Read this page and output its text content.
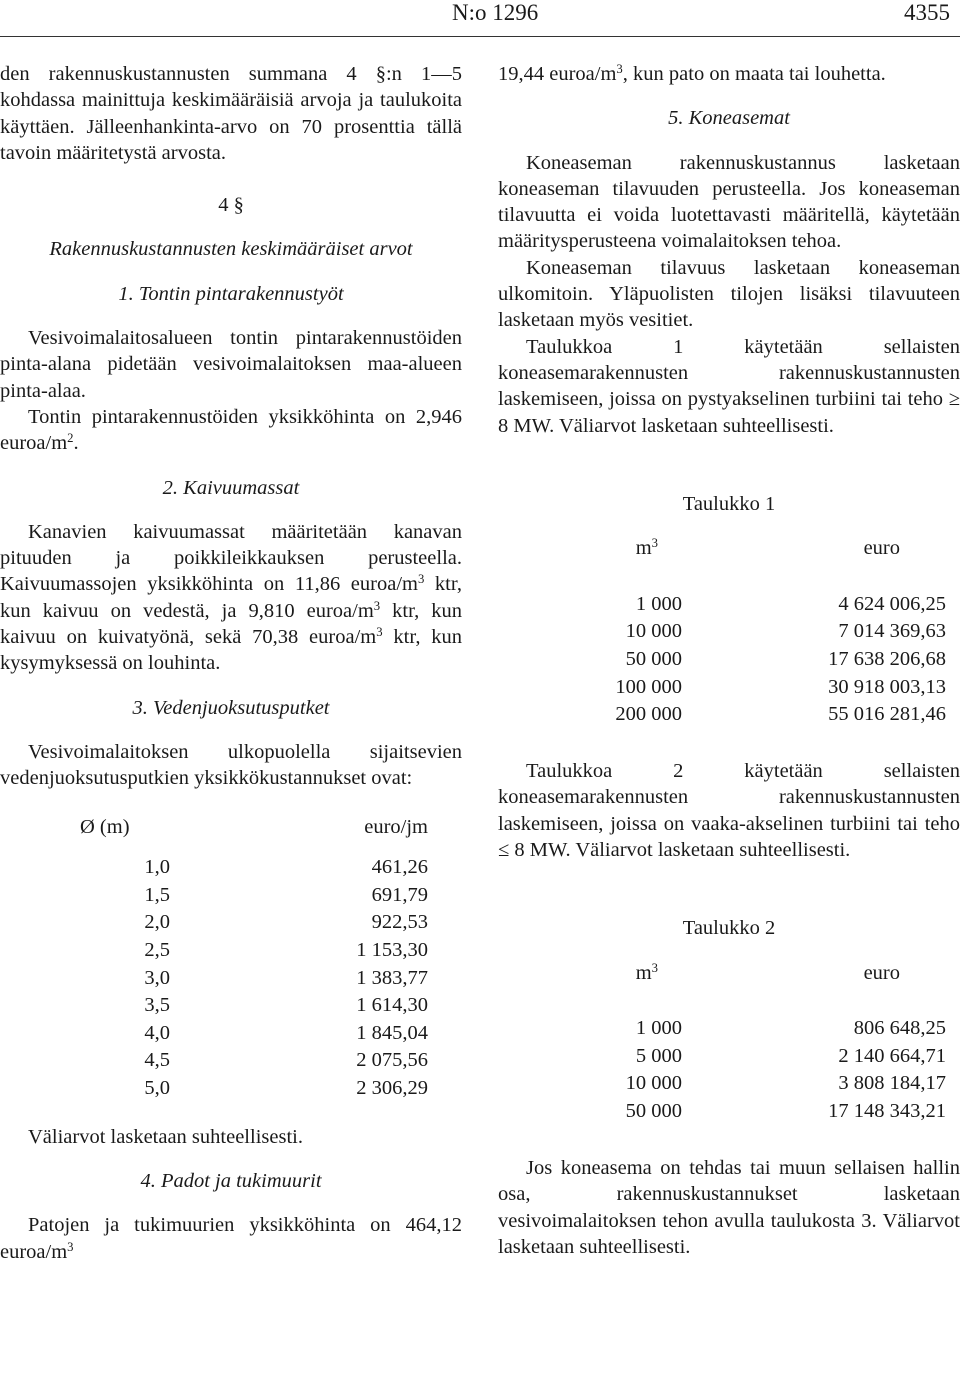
N:o 1296	4355

den rakennuskustannusten summana 4 §:n 1—5 kohdassa mainittuja keskimääräisiä arvoja ja taulukoita käyttäen. Jälleenhankinta-arvo on 70 prosenttia tällä tavoin määritetystä arvosta.

4 §
Rakennuskustannusten keskimääräiset arvot
1. Tontin pintarakennustyöt

Vesivoimalaitosalueen tontin pintarakennustöiden pinta-alana pidetään vesivoimalaitoksen maa-alueen pinta-alaa.

Tontin pintarakennustöiden yksikköhinta on 2,946 euroa/$m^2$.

2. Kaivuumassat

Kanavien kaivuumassat määritetään kanavan pituuden ja poikkileikkauksen perusteella. Kaivuumassojen yksikköhinta on 11,86 euroa/$m^3$ ktr, kun kaivuu on vedestä, ja 9,810 euroa/$m^3$ ktr, kun kaivuu on kuivatyönä, sekä 70,38 euroa/$m^3$ ktr, kun kysymyksessä on louhinta.

3. Vedenjuoksutusputket

Vesivoimalaitoksen ulkopuolella sijaitsevien vedenjuoksutusputkien yksikkökustannukset ovat:

Ø (m)	euro/jm
1,0	461,26
1,5	691,79
2,0	922,53
2,5	1 153,30
3,0	1 383,77
3,5	1 614,30
4,0	1 845,04
4,5	2 075,56
5,0	2 306,29

Väliarvot lasketaan suhteellisesti.

4. Padot ja tukimuurit

Patojen ja tukimuurien yksikköhinta on 464,12 euroa/$m^3$

19,44 euroa/$m^3$, kun pato on maata tai louhetta.

5. Koneasemat

Koneaseman rakennuskustannus lasketaan koneaseman tilavuuden perusteella. Jos koneaseman tilavuutta ei voida luotettavasti määritellä, käytetään määritysperusteena voimalaitoksen tehoa.

Koneaseman tilavuus lasketaan koneaseman ulkomitoin. Yläpuolisten tilojen lisäksi tilavuuteen lasketaan myös vesitiet.

Taulukkoa 1 käytetään sellaisten koneasemarakennusten rakennuskustannusten laskemiseen, joissa on pystyakselinen turbiini tai teho ≥ 8 MW. Väliarvot lasketaan suhteellisesti.

Taulukko 1
$m^3$	euro
1 000	4 624 006,25
10 000	7 014 369,63
50 000	17 638 206,68
100 000	30 918 003,13
200 000	55 016 281,46

Taulukkoa 2 käytetään sellaisten koneasemarakennusten rakennuskustannusten laskemiseen, joissa on vaaka-akselinen turbiini tai teho ≤ 8 MW. Väliarvot lasketaan suhteellisesti.

Taulukko 2
$m^3$	euro
1 000	806 648,25
5 000	2 140 664,71
10 000	3 808 184,17
50 000	17 148 343,21

Jos koneasema on tehdas tai muun sellaisen hallin osa, rakennuskustannukset lasketaan vesivoimalaitoksen tehon avulla taulukosta 3. Väliarvot lasketaan suhteellisesti.
